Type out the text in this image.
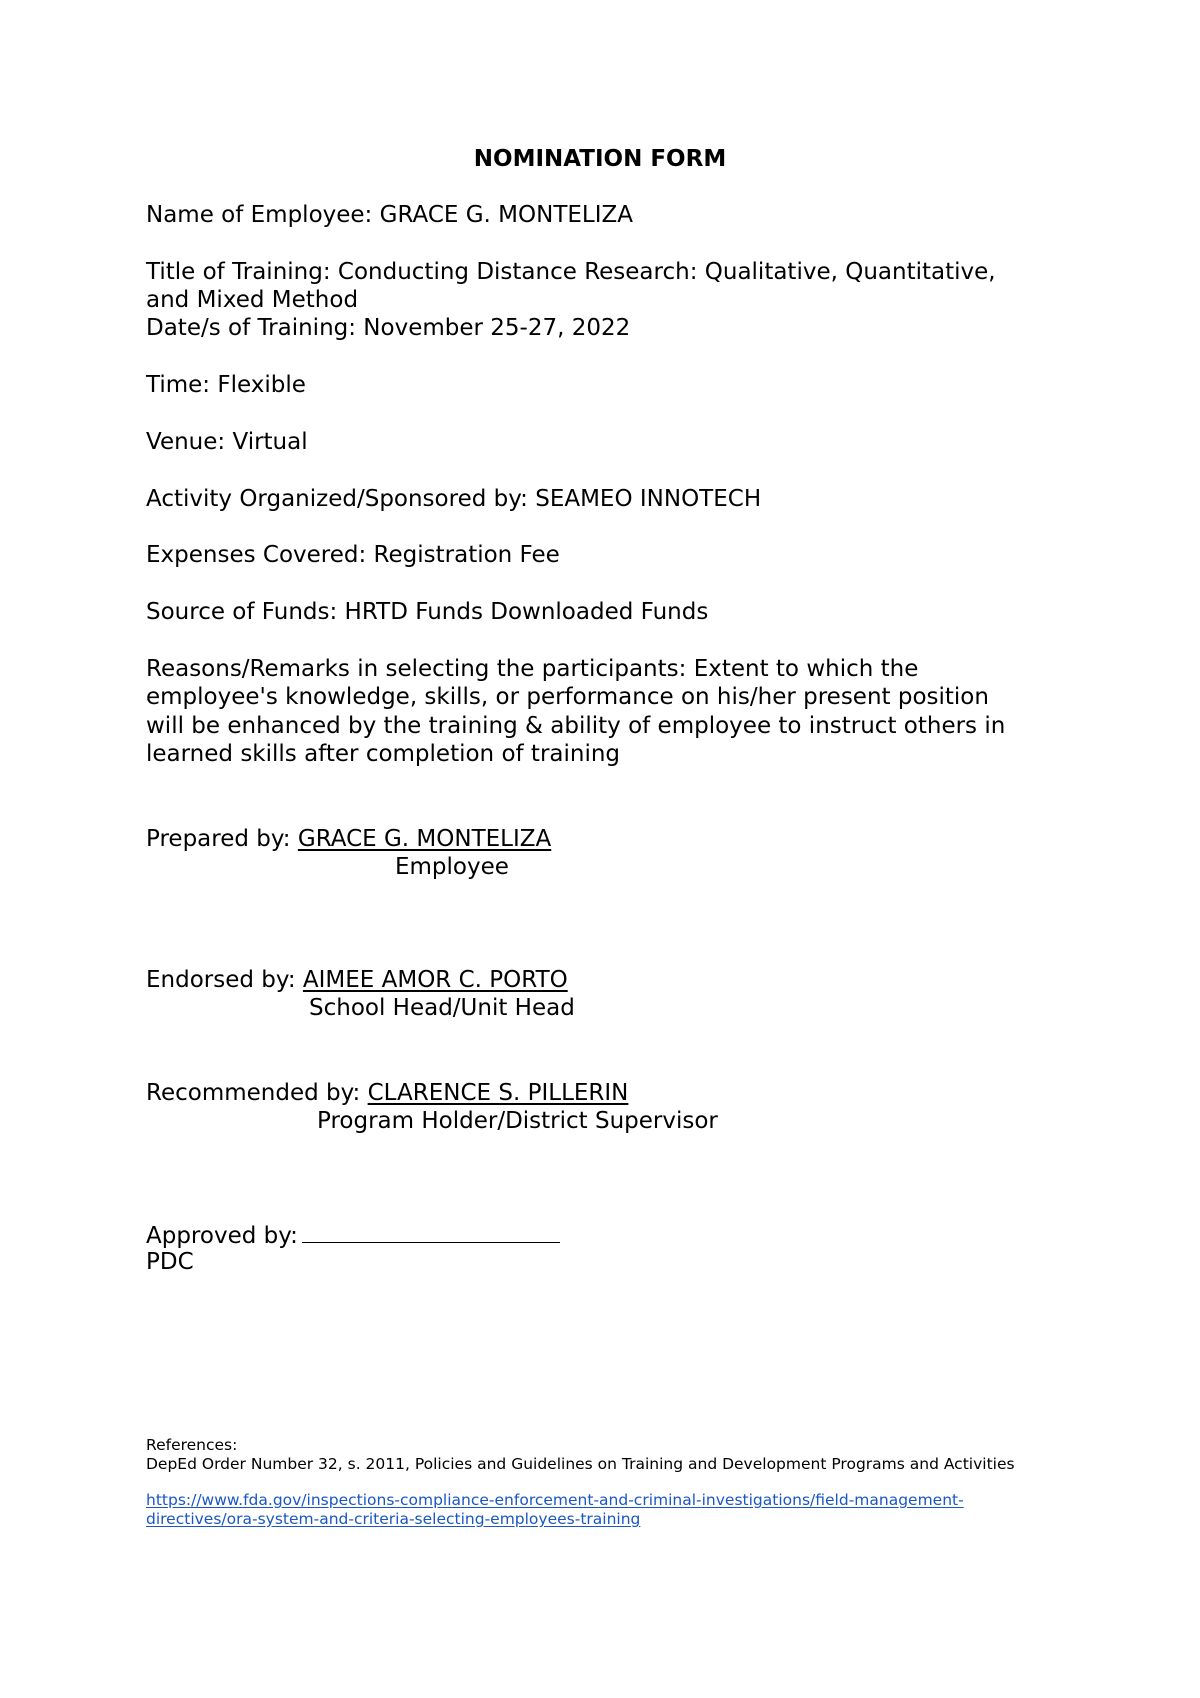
NOMINATION FORM
Name of Employee: GRACE G. MONTELIZA
Title of Training: Conducting Distance Research: Qualitative, Quantitative,
and Mixed Method
Date/s of Training: November 25-27, 2022
Time: Flexible
Venue: Virtual
Activity Organized/Sponsored by: SEAMEO INNOTECH
Expenses Covered: Registration Fee
Source of Funds: HRTD Funds Downloaded Funds
Reasons/Remarks in selecting the participants: Extent to which the
employee's knowledge, skills, or performance on his/her present position
will be enhanced by the training & ability of employee to instruct others in
learned skills after completion of training
Prepared by: GRACE G. MONTELIZA
Employee
Endorsed by: AIMEE AMOR C. PORTO
School Head/Unit Head
Recommended by: CLARENCE S. PILLERIN
Program Holder/District Supervisor
Approved by:
PDC
References:
DepEd Order Number 32, s. 2011, Policies and Guidelines on Training and Development Programs and Activities
https://www.fda.gov/inspections-compliance-enforcement-and-criminal-investigations/field-management-
directives/ora-system-and-criteria-selecting-employees-training
